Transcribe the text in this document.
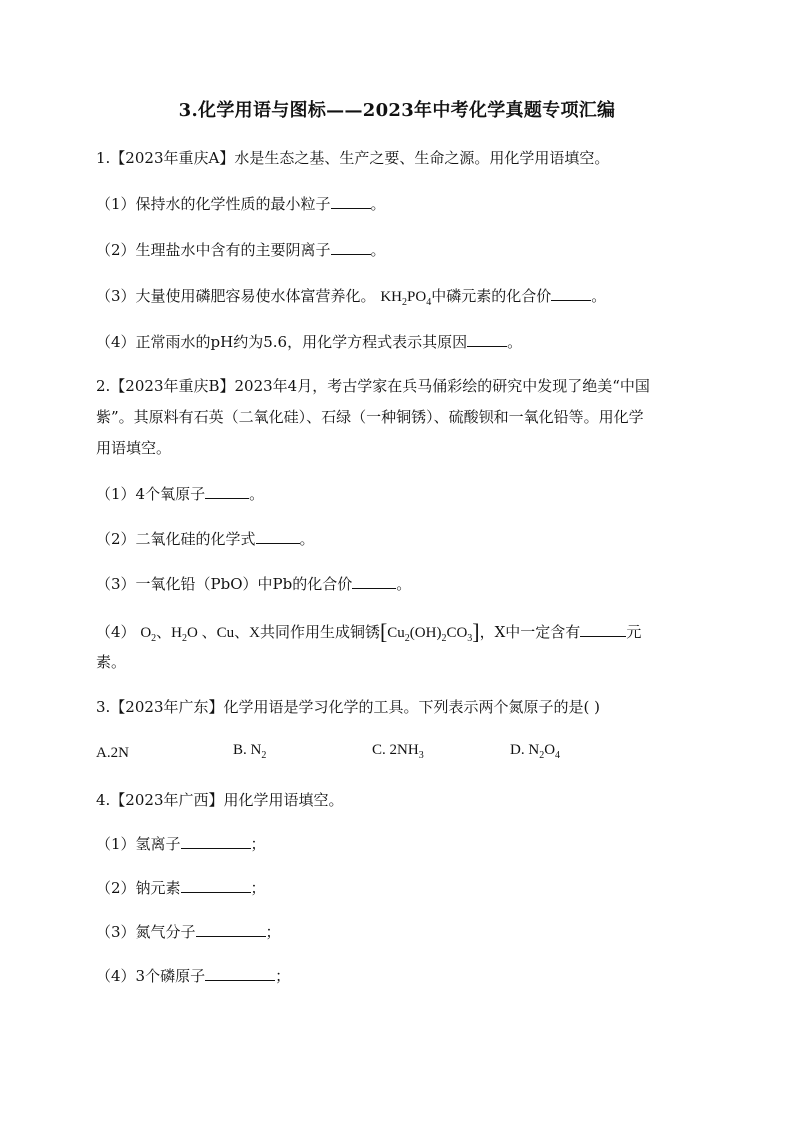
3.化学用语与图标——2023年中考化学真题专项汇编
1.【2023年重庆A】水是生态之基、生产之要、生命之源。用化学用语填空。
（1）保持水的化学性质的最小粒子	。
（2）生理盐水中含有的主要阴离子	。
（3）大量使用磷肥容易使水体富营养化。 $KH_2PO_4$中磷元素的化合价	。
（4）正常雨水的pH约为5.6，用化学方程式表示其原因	。
2.【2023年重庆B】2023年4月，考古学家在兵马俑彩绘的研究中发现了绝美“中国
紫”。其原料有石英（二氧化硅）、石绿（一种铜锈）、硫酸钡和一氧化铅等。用化学
用语填空。
（1）4个氧原子	。
（2）二氧化硅的化学式	。
（3）一氧化铅（PbO）中Pb的化合价	。
（4） $O_2$、$H_2O$ 、Cu、X共同作用生成铜锈$[Cu_2(OH)_2CO_3]$，X中一定含有	元
素。
3.【2023年广东】化学用语是学习化学的工具。下列表示两个氮原子的是( )
A.2N	B. $N_2$	C. $2NH_3$	D. $N_2O_4$
4.【2023年广西】用化学用语填空。
（1）氢离子	；
（2）钠元素	；
（3）氮气分子	；
（4）3个磷原子	；
